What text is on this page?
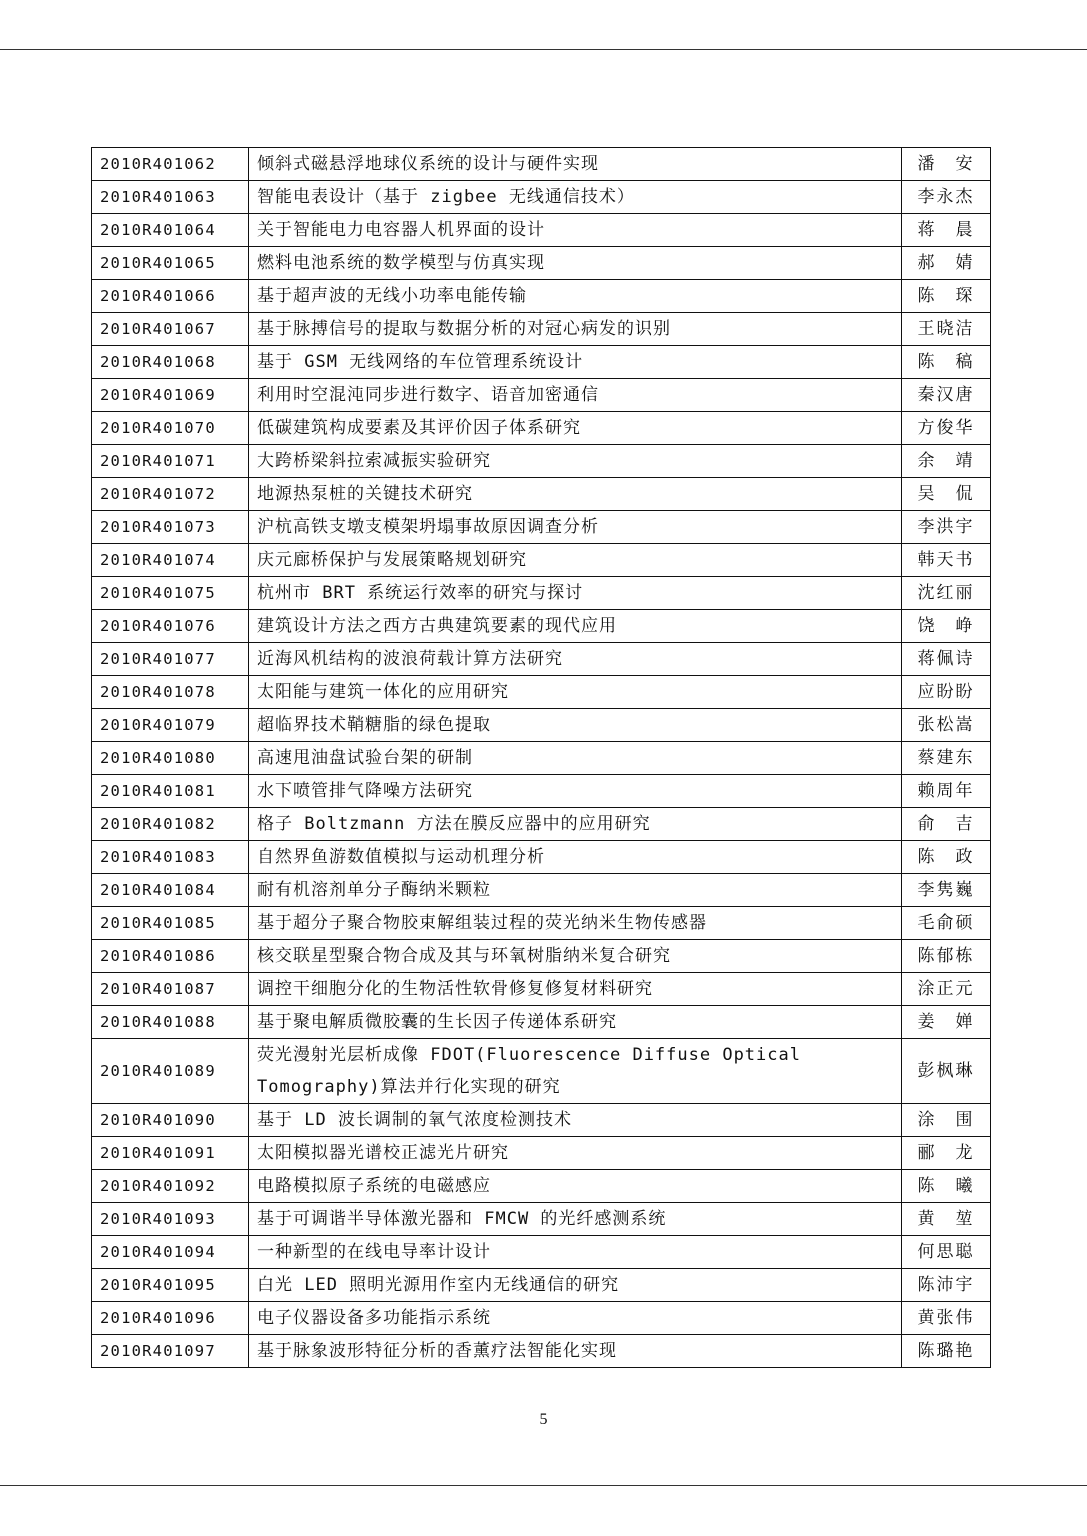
2010R401062	倾斜式磁悬浮地球仪系统的设计与硬件实现	潘　安
2010R401063	智能电表设计（基于 zigbee 无线通信技术）	李永杰
2010R401064	关于智能电力电容器人机界面的设计	蒋　晨
2010R401065	燃料电池系统的数学模型与仿真实现	郝　婧
2010R401066	基于超声波的无线小功率电能传输	陈　琛
2010R401067	基于脉搏信号的提取与数据分析的对冠心病发的识别	王晓洁
2010R401068	基于 GSM 无线网络的车位管理系统设计	陈　稿
2010R401069	利用时空混沌同步进行数字、语音加密通信	秦汉唐
2010R401070	低碳建筑构成要素及其评价因子体系研究	方俊华
2010R401071	大跨桥梁斜拉索减振实验研究	余　靖
2010R401072	地源热泵桩的关键技术研究	吴　侃
2010R401073	沪杭高铁支墩支模架坍塌事故原因调查分析	李洪宇
2010R401074	庆元廊桥保护与发展策略规划研究	韩天书
2010R401075	杭州市 BRT 系统运行效率的研究与探讨	沈红丽
2010R401076	建筑设计方法之西方古典建筑要素的现代应用	饶　峥
2010R401077	近海风机结构的波浪荷载计算方法研究	蒋佩诗
2010R401078	太阳能与建筑一体化的应用研究	应盼盼
2010R401079	超临界技术鞘糖脂的绿色提取	张松嵩
2010R401080	高速甩油盘试验台架的研制	蔡建东
2010R401081	水下喷管排气降噪方法研究	赖周年
2010R401082	格子 Boltzmann 方法在膜反应器中的应用研究	俞　吉
2010R401083	自然界鱼游数值模拟与运动机理分析	陈　政
2010R401084	耐有机溶剂单分子酶纳米颗粒	李隽巍
2010R401085	基于超分子聚合物胶束解组装过程的荧光纳米生物传感器	毛俞硕
2010R401086	核交联星型聚合物合成及其与环氧树脂纳米复合研究	陈郁栋
2010R401087	调控干细胞分化的生物活性软骨修复修复材料研究	涂正元
2010R401088	基于聚电解质微胶囊的生长因子传递体系研究	姜　婵
2010R401089	荧光漫射光层析成像 FDOT(Fluorescence Diffuse Optical Tomography)算法并行化实现的研究	彭枫琳
2010R401090	基于 LD 波长调制的氧气浓度检测技术	涂　围
2010R401091	太阳模拟器光谱校正滤光片研究	郦　龙
2010R401092	电路模拟原子系统的电磁感应	陈　曦
2010R401093	基于可调谐半导体激光器和 FMCW 的光纤感测系统	黄　堃
2010R401094	一种新型的在线电导率计设计	何思聪
2010R401095	白光 LED 照明光源用作室内无线通信的研究	陈沛宇
2010R401096	电子仪器设备多功能指示系统	黄张伟
2010R401097	基于脉象波形特征分析的香薰疗法智能化实现	陈璐艳
5
